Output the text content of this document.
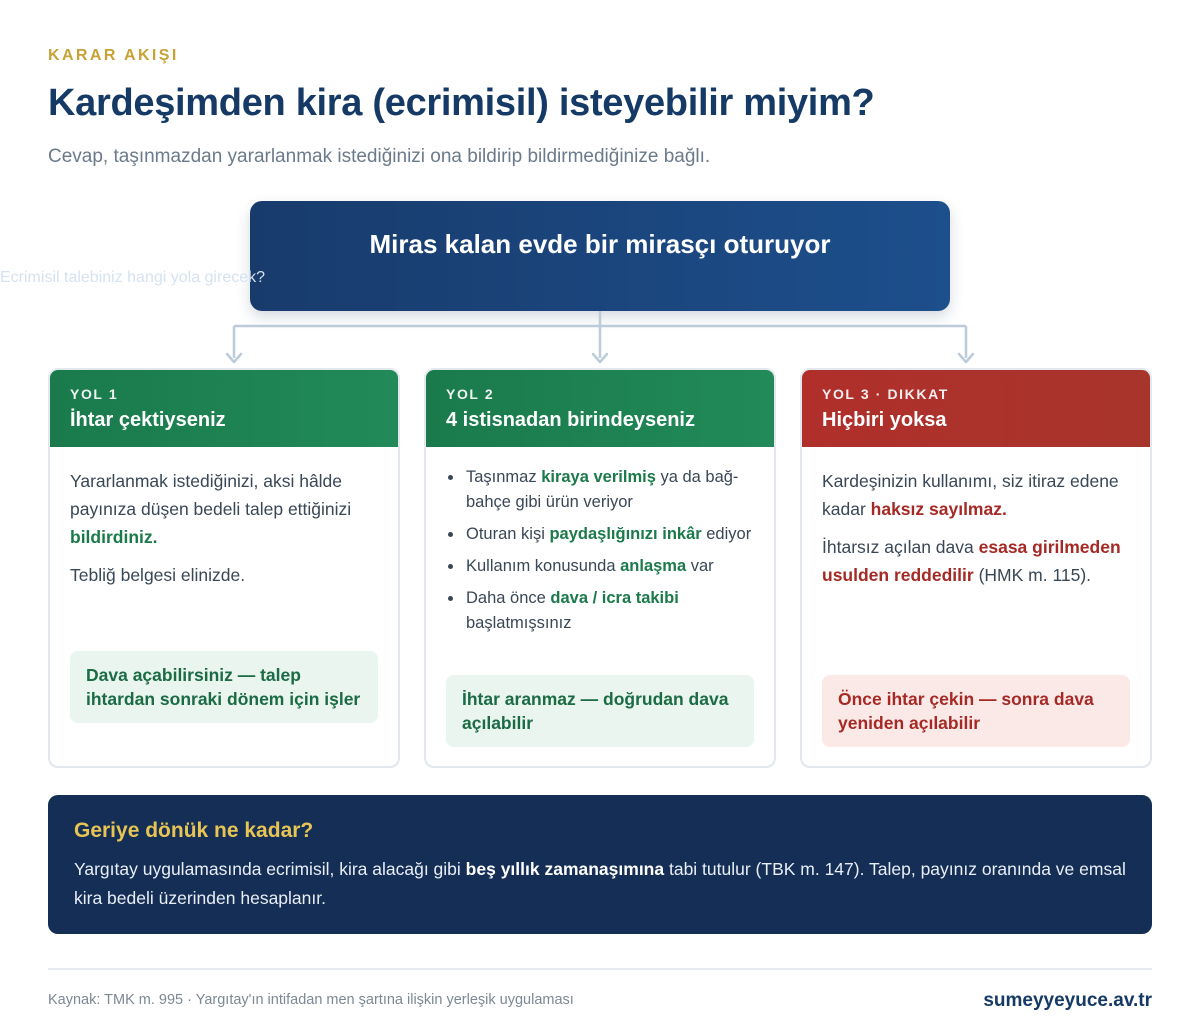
KARAR AKIŞI
Kardeşimden kira (ecrimisil) isteyebilir miyim?
Cevap, taşınmazdan yararlanmak istediğinizi ona bildirip bildirmediğinize bağlı.
Miras kalan evde bir mirasçı oturuyor
Ecrimisil talebiniz hangi yola girecek?
YOL 1
İhtar çektiyseniz

Yararlanmak istediğinizi, aksi hâlde payınıza düşen bedeli talep ettiğinizi bildirdiniz.

Tebliğ belgesi elinizde.

Dava açabilirsiniz — talep ihtardan sonraki dönem için işler
YOL 2
4 istisnadan birindeyseniz
Taşınmaz kiraya verilmiş ya da bağ-bahçe gibi ürün veriyor
Oturan kişi paydaşlığınızı inkâr ediyor
Kullanım konusunda anlaşma var
Daha önce dava / icra takibi başlatmışsınız
İhtar aranmaz — doğrudan dava açılabilir
YOL 3 · DIKKAT
Hiçbiri yoksa

Kardeşinizin kullanımı, siz itiraz edene kadar haksız sayılmaz.

İhtarsız açılan dava esasa girilmeden usulden reddedilir (HMK m. 115).

Önce ihtar çekin — sonra dava yeniden açılabilir
Geriye dönük ne kadar?
Yargıtay uygulamasında ecrimisil, kira alacağı gibi beş yıllık zamanaşımına tabi tutulur (TBK m. 147). Talep, payınız oranında ve emsal kira bedeli üzerinden hesaplanır.
Kaynak: TMK m. 995 · Yargıtay'ın intifadan men şartına ilişkin yerleşik uygulaması	sumeyyeyuce.av.tr
